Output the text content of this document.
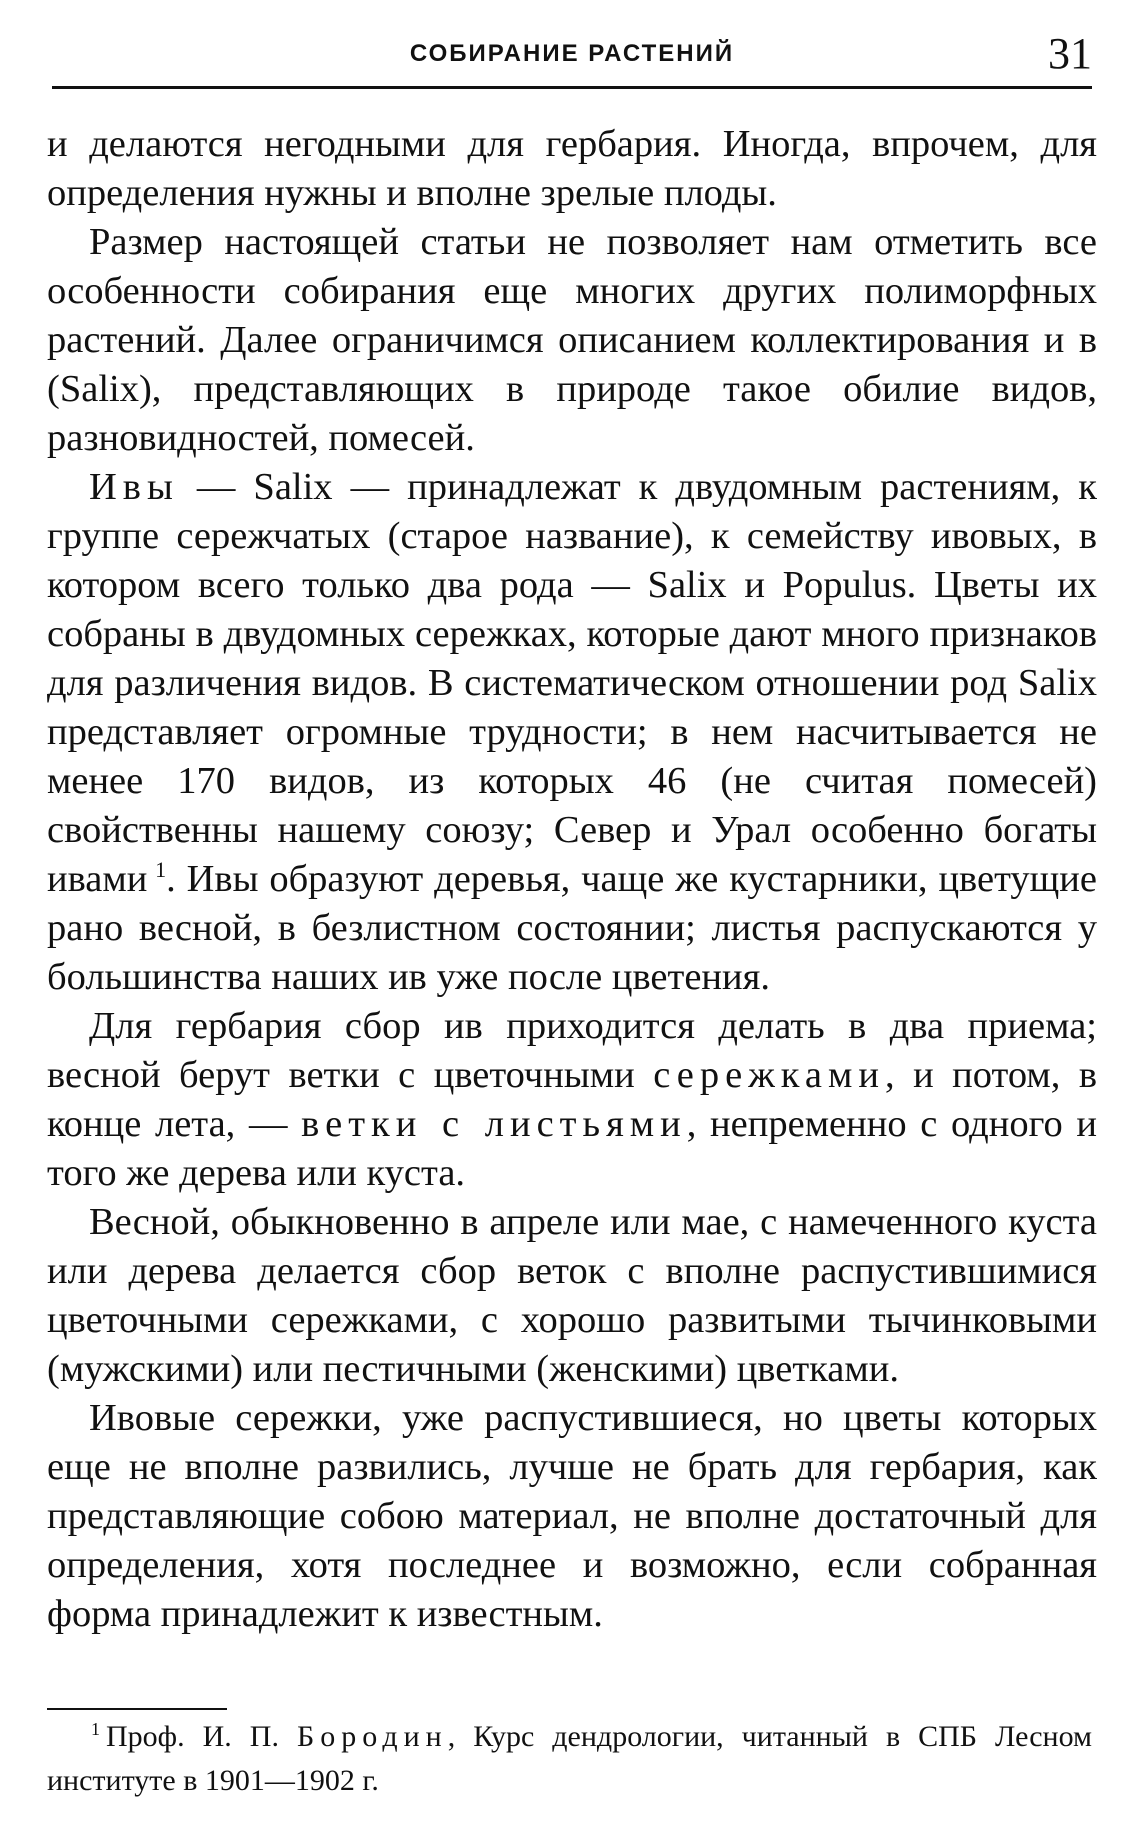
СОБИРАНИЕ РАСТЕНИЙ	31

и делаются негодными для гербария. Иногда, впрочем, для определения нужны и вполне зрелые плоды.

Размер настоящей статьи не позволяет нам отметить все особенности собирания еще многих других полиморфных растений. Далее ограничимся описанием коллектирования и в (Salix), представляющих в природе такое обилие видов, разновидностей, помесей.

Ивы — Salix — принадлежат к двудомным растениям, к группе сережчатых (старое название), к семейству ивовых, в котором всего только два рода — Salix и Populus. Цветы их собраны в двудомных сережках, которые дают много признаков для различения видов. В систематическом отношении род Salix представляет огромные трудности; в нем насчитывается не менее 170 видов, из которых 46 (не считая помесей) свойственны нашему союзу; Север и Урал особенно богаты ивами  $^1$. Ивы образуют деревья, чаще же кустарники, цветущие рано весной, в безлистном состоянии; листья распускаются у большинства наших ив уже после цветения.

Для гербария сбор ив приходится делать в два приема; весной берут ветки с цветочными сережками, и потом, в конце лета, — ветки с листьями, непременно с одного и того же дерева или куста.

Весной, обыкновенно в апреле или мае, с намеченного куста или дерева делается сбор веток с вполне распустившимися цветочными сережками, с хорошо развитыми тычинковыми (мужскими) или пестичными (женскими) цветками.

Ивовые сережки, уже распустившиеся, но цветы которых еще не вполне развились, лучше не брать для гербария, как представляющие собою материал, не вполне достаточный для определения, хотя последнее и возможно, если собранная форма принадлежит к известным.

$^1$  Проф. И. П. Бородин, Курс дендрологии, читанный в СПБ Лесном институте в 1901—1902 г.
